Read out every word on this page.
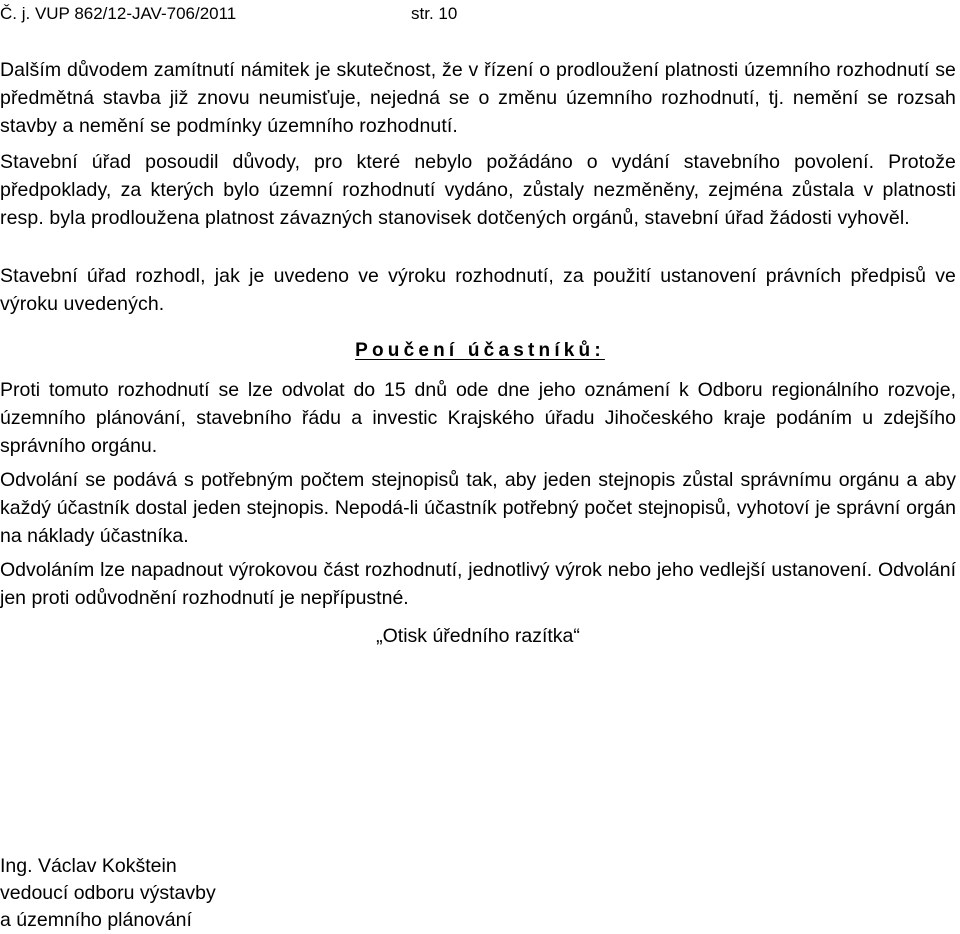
Č. j. VUP 862/12-JAV-706/2011	str. 10
Dalším důvodem zamítnutí námitek je skutečnost, že v řízení o prodloužení platnosti územního rozhodnutí se předmětná stavba již znovu neumisťuje, nejedná se o změnu územního rozhodnutí, tj. nemění se rozsah stavby a nemění se podmínky územního rozhodnutí.
Stavební úřad posoudil důvody, pro které nebylo požádáno o vydání stavebního povolení. Protože předpoklady, za kterých bylo územní rozhodnutí vydáno, zůstaly nezměněny, zejména zůstala v platnosti resp. byla prodloužena platnost závazných stanovisek dotčených orgánů, stavební úřad žádosti vyhověl.
Stavební úřad rozhodl, jak je uvedeno ve výroku rozhodnutí, za použití ustanovení právních předpisů ve výroku uvedených.
Poučení účastníků:
Proti tomuto rozhodnutí se lze odvolat do 15 dnů ode dne jeho oznámení k Odboru regionálního rozvoje, územního plánování, stavebního řádu a investic Krajského úřadu Jihočeského kraje podáním u zdejšího správního orgánu.
Odvolání se podává s potřebným počtem stejnopisů tak, aby jeden stejnopis zůstal správnímu orgánu a aby každý účastník dostal jeden stejnopis. Nepodá-li účastník potřebný počet stejnopisů, vyhotoví je správní orgán na náklady účastníka.
Odvoláním lze napadnout výrokovou část rozhodnutí, jednotlivý výrok nebo jeho vedlejší ustanovení. Odvolání jen proti odůvodnění rozhodnutí je nepřípustné.
„Otisk úředního razítka“
Ing. Václav Kokštein
vedoucí odboru výstavby
a územního plánování
